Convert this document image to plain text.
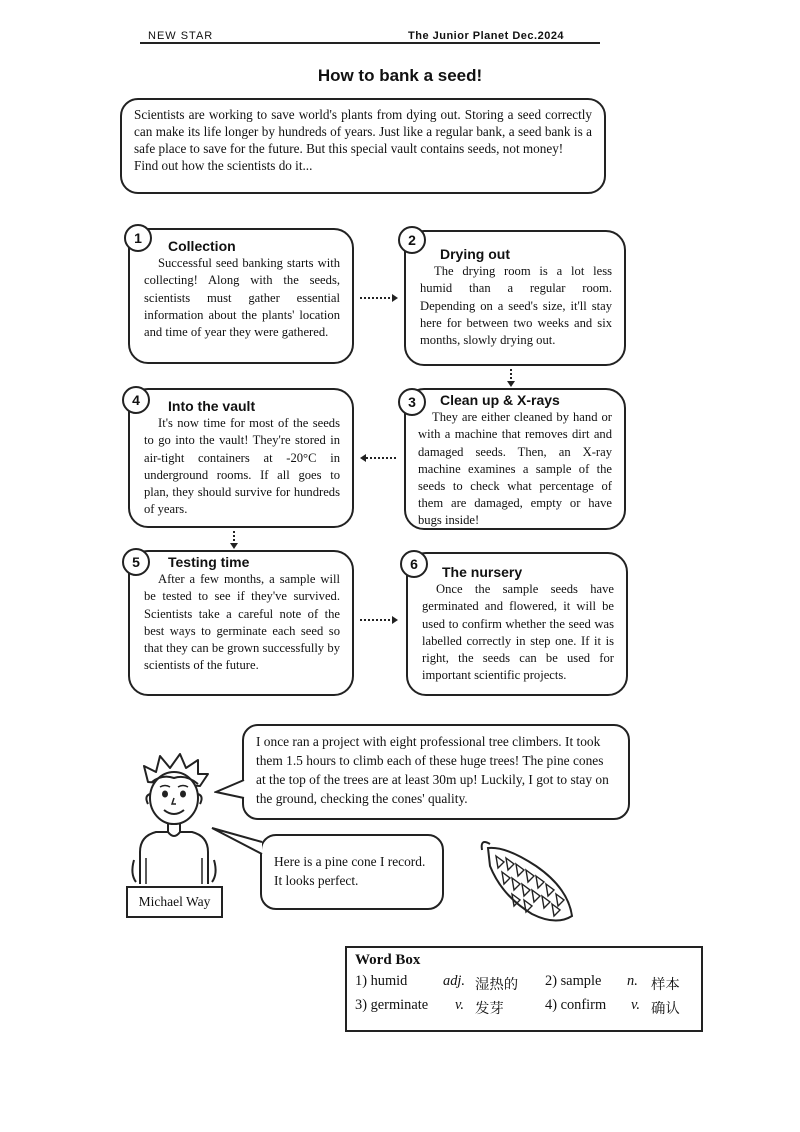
NEW STAR	The Junior Planet Dec.2024
How to bank a seed!

Scientists are working to save world's plants from dying out. Storing a seed correctly can make its life longer by hundreds of years. Just like a regular bank, a seed bank is a safe place to save for the future. But this special vault contains seeds, not money!

Find out how the scientists do it...

Collection

Successful seed banking starts with collecting! Along with the seeds, scientists must gather essential information about the plants' location and time of year they were gathered.

1
Drying out

The drying room is a lot less humid than a regular room. Depending on a seed's size, it'll stay here for between two weeks and six months, slowly drying out.

2
Into the vault

It's now time for most of the seeds to go into the vault! They're stored in air-tight containers at -20°C in underground rooms. If all goes to plan, they should survive for hundreds of years.

4	Clean up & X-rays

They are either cleaned by hand or with a machine that removes dirt and damaged seeds. Then, an X-ray machine examines a sample of the seeds to check what percentage of them are damaged, empty or have bugs inside!

3
Testing time

After a few months, a sample will be tested to see if they've survived. Scientists take a careful note of the best ways to germinate each seed so that they can be grown successfully by scientists of the future.

5
The nursery

Once the sample seeds have germinated and flowered, it will be used to confirm whether the seed was labelled correctly in step one. If it is right, the seeds can be used for important scientific projects.

6
I once ran a project with eight professional tree climbers. It took them 1.5 hours to climb each of these huge trees! The pine cones at the top of the trees are at least 30m up! Luckily, I got to stay on the ground, checking the cones' quality.
Here is a pine cone I record. It looks perfect.
Michael Way
Word Box
1) humid adj. 湿热的 2) sample n. 样本
3) germinate v. 发芽	4) confirm v. 确认
